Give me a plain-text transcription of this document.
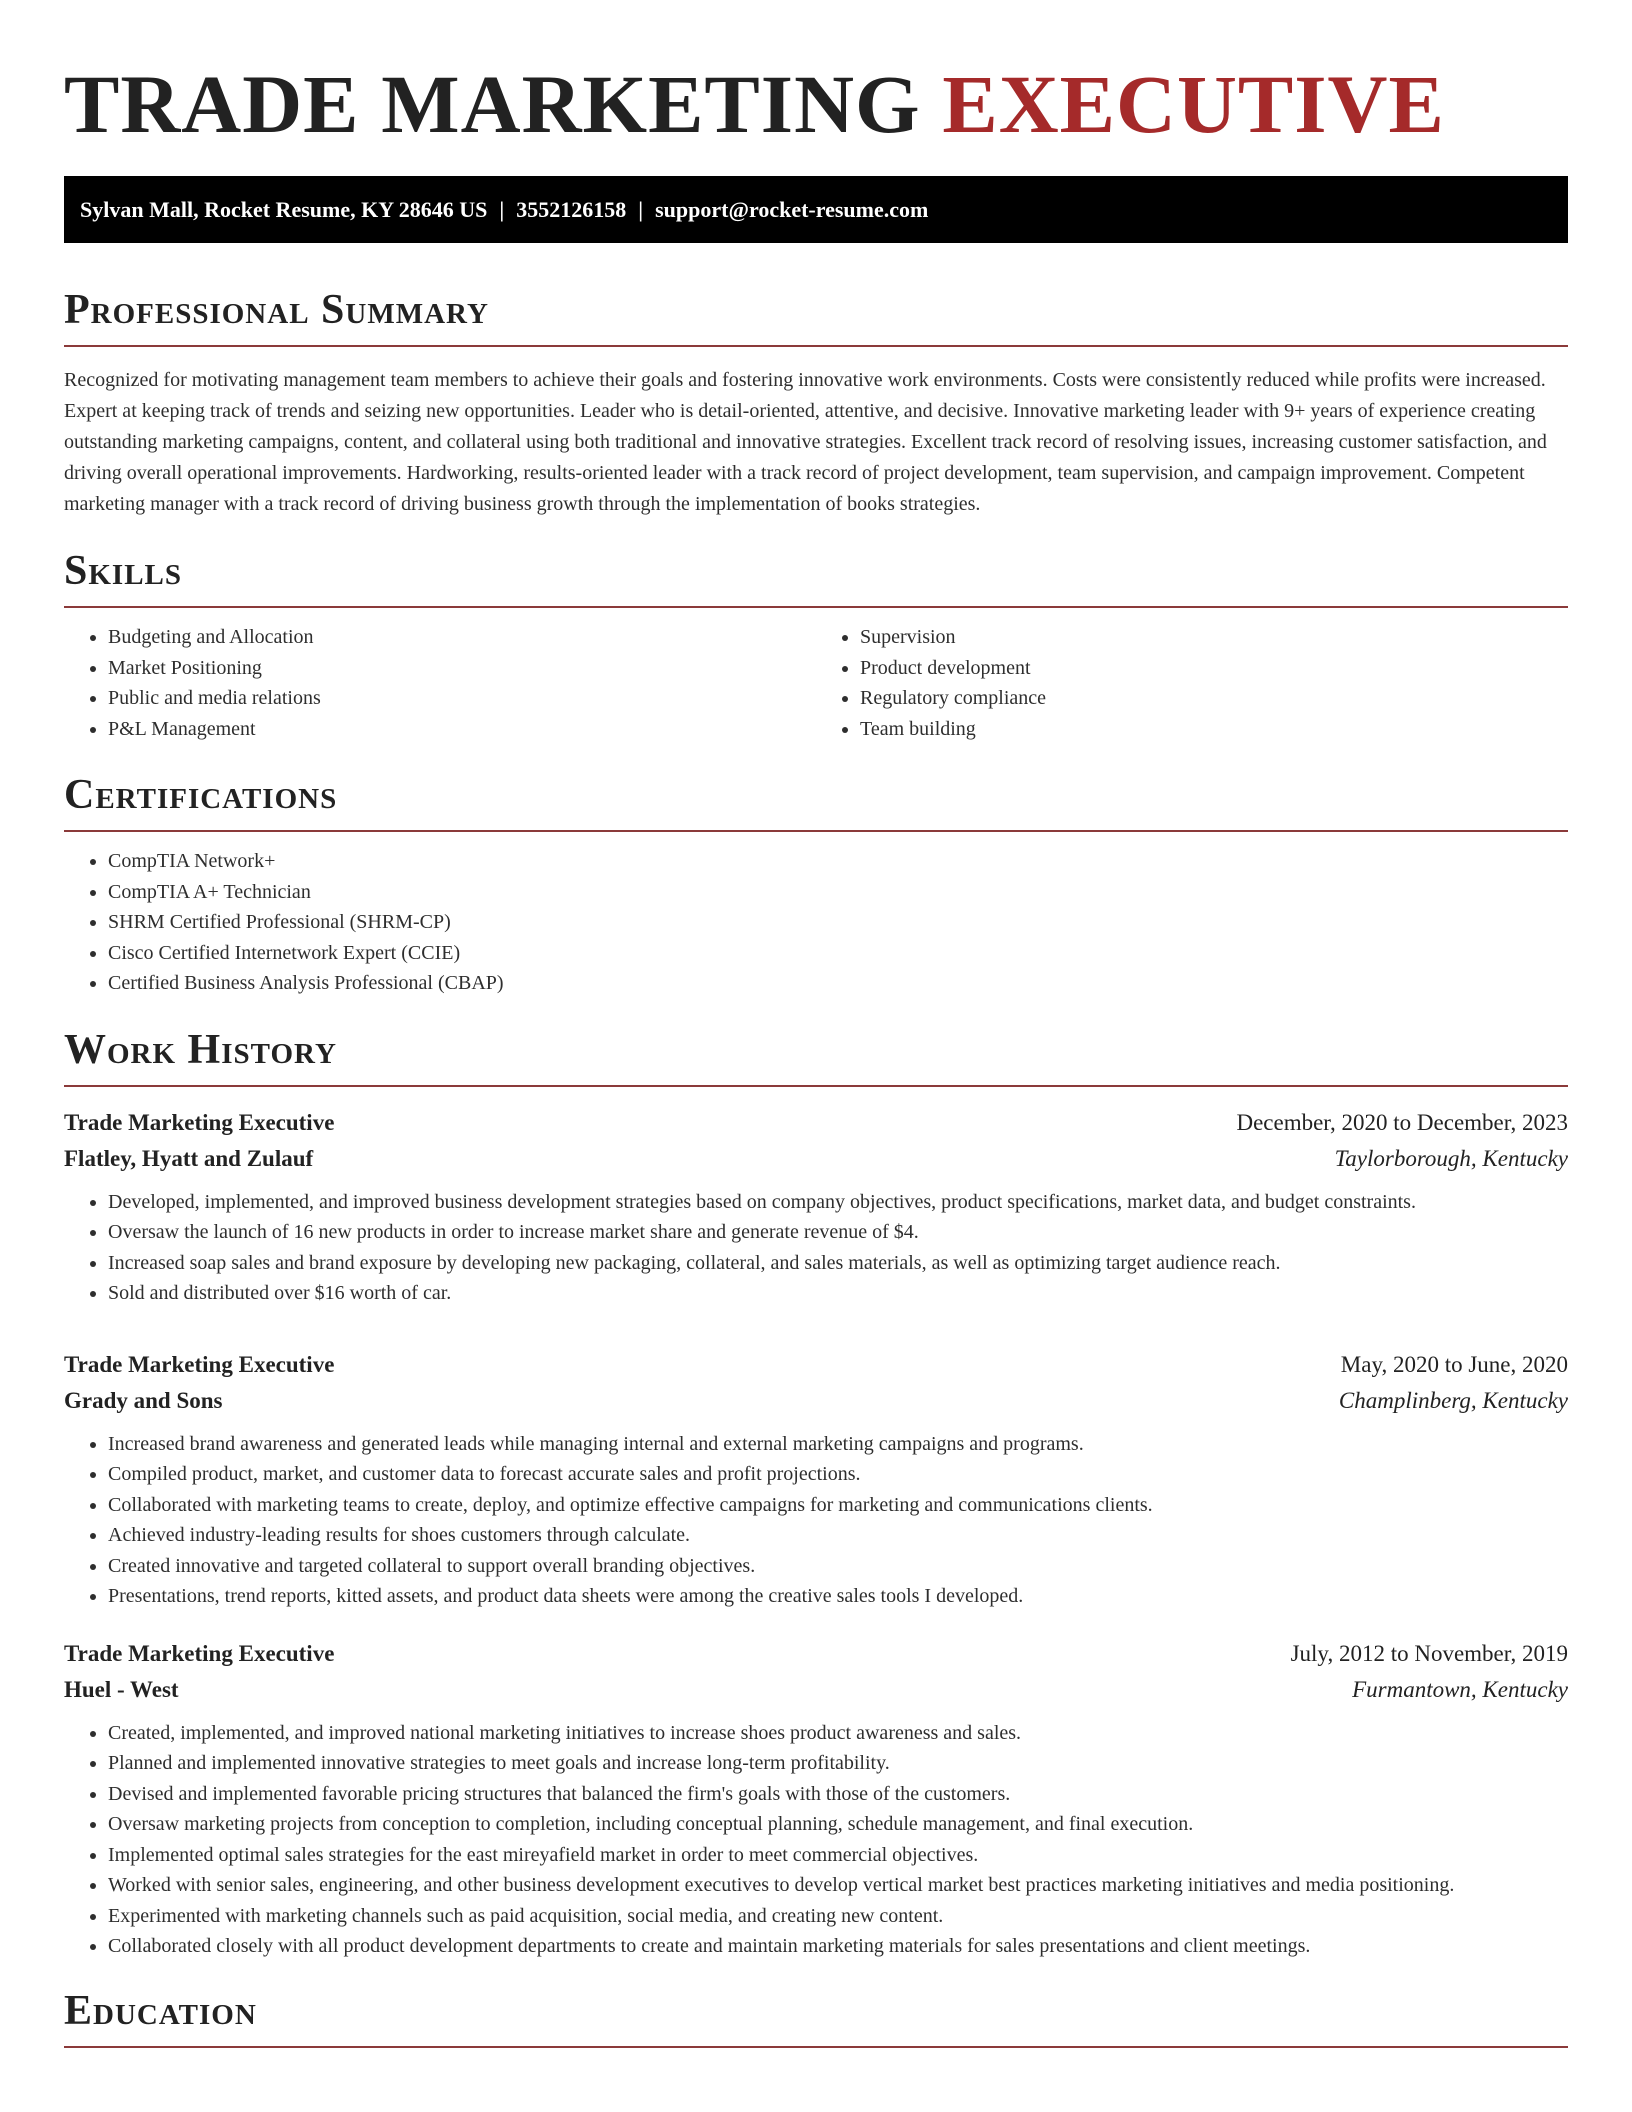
TRADE MARKETING EXECUTIVE
Sylvan Mall, Rocket Resume, KY 28646 US | 3552126158 | support@rocket-resume.com
Professional Summary

Recognized for motivating management team members to achieve their goals and fostering innovative work environments. Costs were consistently reduced while profits were increased. Expert at keeping track of trends and seizing new opportunities. Leader who is detail-oriented, attentive, and decisive. Innovative marketing leader with 9+ years of experience creating outstanding marketing campaigns, content, and collateral using both traditional and innovative strategies. Excellent track record of resolving issues, increasing customer satisfaction, and driving overall operational improvements. Hardworking, results-oriented leader with a track record of project development, team supervision, and campaign improvement. Competent marketing manager with a track record of driving business growth through the implementation of books strategies.

Skills
• Budgeting and Allocation
• Market Positioning
• Public and media relations
• P&L Management
• Supervision
• Product development
• Regulatory compliance
• Team building
Certifications
• CompTIA Network+
• CompTIA A+ Technician
• SHRM Certified Professional (SHRM-CP)
• Cisco Certified Internetwork Expert (CCIE)
• Certified Business Analysis Professional (CBAP)
Work History
Trade Marketing Executive	December, 2020 to December, 2023
Flatley, Hyatt and Zulauf	Taylorborough, Kentucky
• Developed, implemented, and improved business development strategies based on company objectives, product specifications, market data, and budget constraints.
• Oversaw the launch of 16 new products in order to increase market share and generate revenue of $4.
• Increased soap sales and brand exposure by developing new packaging, collateral, and sales materials, as well as optimizing target audience reach.
• Sold and distributed over $16 worth of car.
Trade Marketing Executive	May, 2020 to June, 2020
Grady and Sons	Champlinberg, Kentucky
• Increased brand awareness and generated leads while managing internal and external marketing campaigns and programs.
• Compiled product, market, and customer data to forecast accurate sales and profit projections.
• Collaborated with marketing teams to create, deploy, and optimize effective campaigns for marketing and communications clients.
• Achieved industry-leading results for shoes customers through calculate.
• Created innovative and targeted collateral to support overall branding objectives.
• Presentations, trend reports, kitted assets, and product data sheets were among the creative sales tools I developed.
Trade Marketing Executive	July, 2012 to November, 2019
Huel - West	Furmantown, Kentucky
• Created, implemented, and improved national marketing initiatives to increase shoes product awareness and sales.
• Planned and implemented innovative strategies to meet goals and increase long-term profitability.
• Devised and implemented favorable pricing structures that balanced the firm's goals with those of the customers.
• Oversaw marketing projects from conception to completion, including conceptual planning, schedule management, and final execution.
• Implemented optimal sales strategies for the east mireyafield market in order to meet commercial objectives.
• Worked with senior sales, engineering, and other business development executives to develop vertical market best practices marketing initiatives and media positioning.
• Experimented with marketing channels such as paid acquisition, social media, and creating new content.
• Collaborated closely with all product development departments to create and maintain marketing materials for sales presentations and client meetings.
Education
